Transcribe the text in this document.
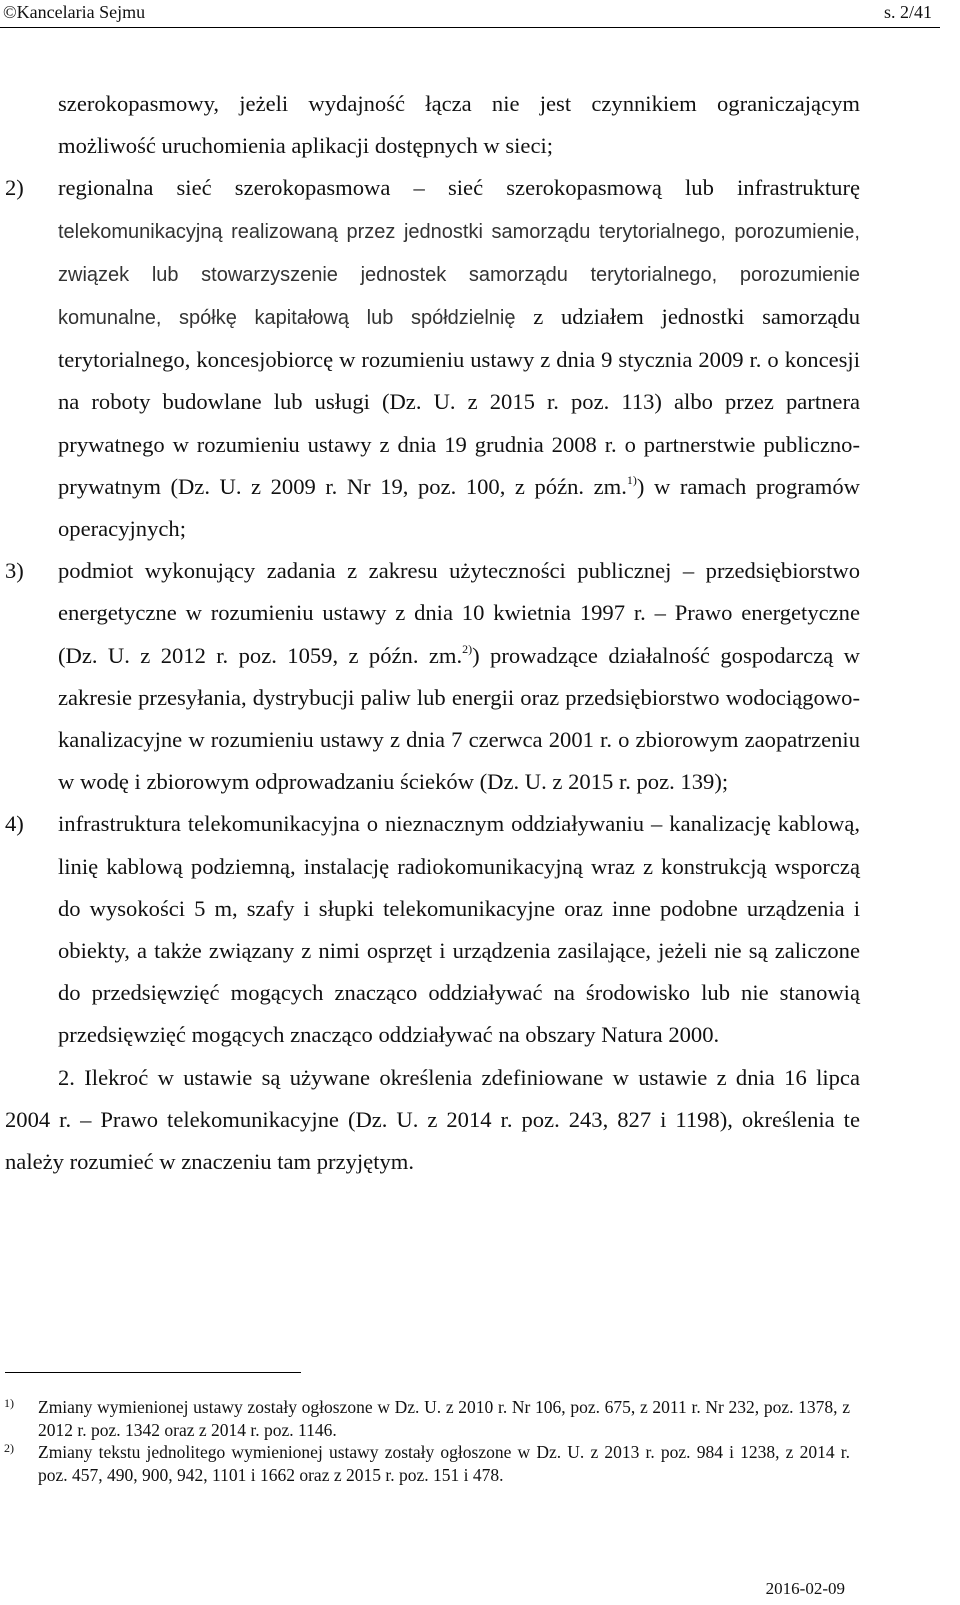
©Kancelaria Sejmu	s. 2/41
szerokopasmowy, jeżeli wydajność łącza nie jest czynnikiem ograniczającym możliwość uruchomienia aplikacji dostępnych w sieci;
2) regionalna sieć szerokopasmowa – sieć szerokopasmową lub infrastrukturę telekomunikacyjną realizowaną przez jednostki samorządu terytorialnego, porozumienie, związek lub stowarzyszenie jednostek samorządu terytorialnego, porozumienie komunalne, spółkę kapitałową lub spółdzielnię z udziałem jednostki samorządu terytorialnego, koncesjobiorcę w rozumieniu ustawy z dnia 9 stycznia 2009 r. o koncesji na roboty budowlane lub usługi (Dz. U. z 2015 r. poz. 113) albo przez partnera prywatnego w rozumieniu ustawy z dnia 19 grudnia 2008 r. o partnerstwie publiczno-prywatnym (Dz. U. z 2009 r. Nr 19, poz. 100, z późn. zm.$^{1)}$) w ramach programów operacyjnych;
3) podmiot wykonujący zadania z zakresu użyteczności publicznej – przedsiębiorstwo energetyczne w rozumieniu ustawy z dnia 10 kwietnia 1997 r. – Prawo energetyczne (Dz. U. z 2012 r. poz. 1059, z późn. zm.$^{2)}$) prowadzące działalność gospodarczą w zakresie przesyłania, dystrybucji paliw lub energii oraz przedsiębiorstwo wodociągowo-kanalizacyjne w rozumieniu ustawy z dnia 7 czerwca 2001 r. o zbiorowym zaopatrzeniu w wodę i zbiorowym odprowadzaniu ścieków (Dz. U. z 2015 r. poz. 139);
4) infrastruktura telekomunikacyjna o nieznacznym oddziaływaniu – kanalizację kablową, linię kablową podziemną, instalację radiokomunikacyjną wraz z konstrukcją wsporczą do wysokości 5 m, szafy i słupki telekomunikacyjne oraz inne podobne urządzenia i obiekty, a także związany z nimi osprzęt i urządzenia zasilające, jeżeli nie są zaliczone do przedsięwzięć mogących znacząco oddziaływać na środowisko lub nie stanowią przedsięwzięć mogących znacząco oddziaływać na obszary Natura 2000.
2. Ilekroć w ustawie są używane określenia zdefiniowane w ustawie z dnia 16 lipca 2004 r. – Prawo telekomunikacyjne (Dz. U. z 2014 r. poz. 243, 827 i 1198), określenia te należy rozumieć w znaczeniu tam przyjętym.
1) Zmiany wymienionej ustawy zostały ogłoszone w Dz. U. z 2010 r. Nr 106, poz. 675, z 2011 r. Nr 232, poz. 1378, z 2012 r. poz. 1342 oraz z 2014 r. poz. 1146.
2) Zmiany tekstu jednolitego wymienionej ustawy zostały ogłoszone w Dz. U. z 2013 r. poz. 984 i 1238, z 2014 r. poz. 457, 490, 900, 942, 1101 i 1662 oraz z 2015 r. poz. 151 i 478.
2016-02-09
